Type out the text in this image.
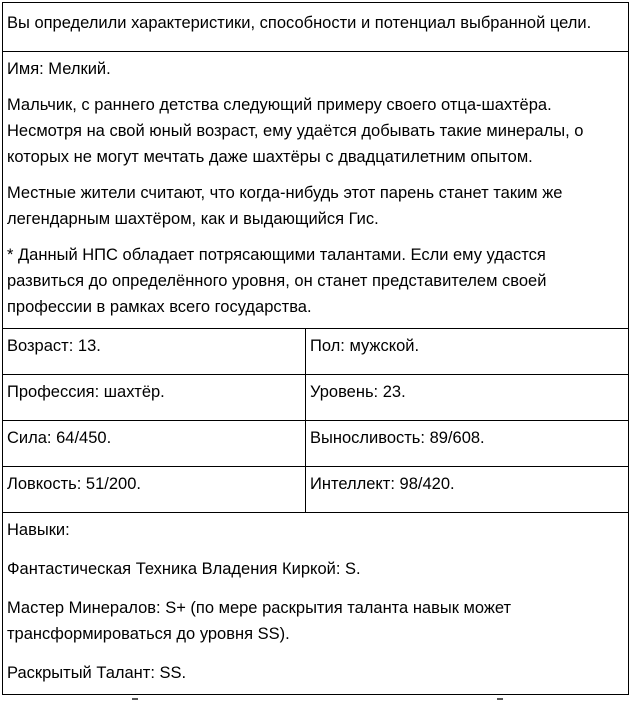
Вы определили характеристики, способности и потенциал выбранной цели.	

Имя: Мелкий.

Мальчик, с раннего детства следующий примеру своего отца-шахтёра. Несмотря на свой юный возраст, ему удаётся добывать такие минералы, о которых не могут мечтать даже шахтёры с двадцатилетним опытом.

Местные жители считают, что когда-нибудь этот парень станет таким же легендарным шахтёром, как и выдающийся Гис.

* Данный НПС обладает потрясающими талантами. Если ему удастся развиться до определённого уровня, он станет представителем своей профессии в рамках всего государства.	

Возраст: 13.	Пол: мужской.
Профессия: шахтёр.	Уровень: 23.
Сила: 64/450.	Выносливость: 89/608.
Ловкость: 51/200.	Интеллект: 98/420.

Навыки:

Фантастическая Техника Владения Киркой: S.

Мастер Минералов: S+ (по мере раскрытия таланта навык может трансформироваться до уровня SS).

Раскрытый Талант: SS.	
